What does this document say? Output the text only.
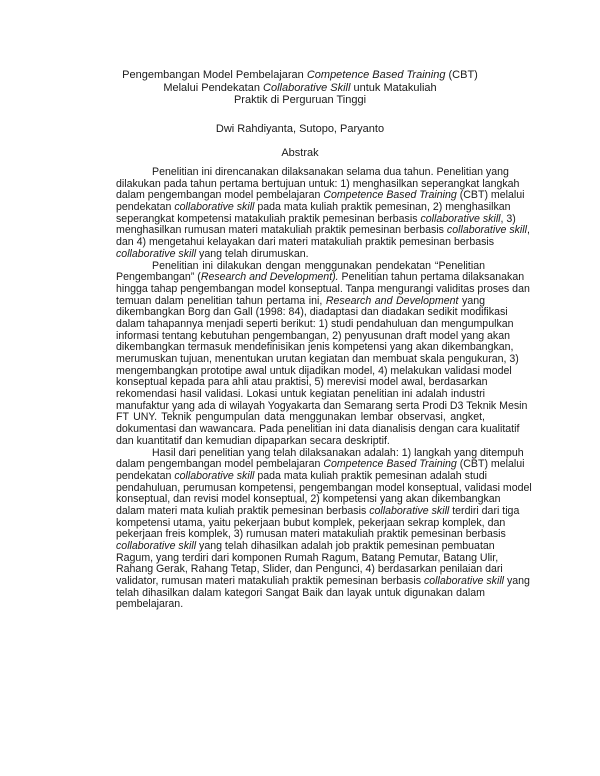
Pengembangan Model Pembelajaran Competence Based Training (CBT)
Melalui Pendekatan Collaborative Skill untuk Matakuliah
Praktik di Perguruan Tinggi
Dwi Rahdiyanta, Sutopo, Paryanto
Abstrak
Penelitian ini direncanakan dilaksanakan selama dua tahun. Penelitian yang
dilakukan pada tahun pertama bertujuan untuk: 1) menghasilkan seperangkat langkah
dalam pengembangan model pembelajaran Competence Based Training (CBT) melalui
pendekatan collaborative skill pada mata kuliah praktik pemesinan, 2) menghasilkan
seperangkat kompetensi matakuliah praktik pemesinan berbasis collaborative skill, 3)
menghasilkan rumusan materi matakuliah praktik pemesinan berbasis collaborative skill,
dan 4) mengetahui kelayakan dari materi matakuliah praktik pemesinan berbasis
collaborative skill yang telah dirumuskan.
Penelitian ini dilakukan dengan menggunakan pendekatan “Penelitian
Pengembangan” (Research and Development). Penelitian tahun pertama dilaksanakan
hingga tahap pengembangan model konseptual. Tanpa mengurangi validitas proses dan
temuan dalam penelitian tahun pertama ini, Research and Development yang
dikembangkan Borg dan Gall (1998: 84), diadaptasi dan diadakan sedikit modifikasi
dalam tahapannya menjadi seperti berikut: 1) studi pendahuluan dan mengumpulkan
informasi tentang kebutuhan pengembangan, 2) penyusunan draft model yang akan
dikembangkan termasuk mendefinisikan jenis kompetensi yang akan dikembangkan,
merumuskan tujuan, menentukan urutan kegiatan dan membuat skala pengukuran, 3)
mengembangkan prototipe awal untuk dijadikan model, 4) melakukan validasi model
konseptual kepada para ahli atau praktisi, 5) merevisi model awal, berdasarkan
rekomendasi hasil validasi. Lokasi untuk kegiatan penelitian ini adalah industri
manufaktur yang ada di wilayah Yogyakarta dan Semarang serta Prodi D3 Teknik Mesin
FT UNY. Teknik pengumpulan data menggunakan lembar observasi, angket,
dokumentasi dan wawancara. Pada penelitian ini data dianalisis dengan cara kualitatif
dan kuantitatif dan kemudian dipaparkan secara deskriptif.
Hasil dari penelitian yang telah dilaksanakan adalah: 1) langkah yang ditempuh
dalam pengembangan model pembelajaran Competence Based Training (CBT) melalui
pendekatan collaborative skill pada mata kuliah praktik pemesinan adalah studi
pendahuluan, perumusan kompetensi, pengembangan model konseptual, validasi model
konseptual, dan revisi model konseptual, 2) kompetensi yang akan dikembangkan
dalam materi mata kuliah praktik pemesinan berbasis collaborative skill terdiri dari tiga
kompetensi utama, yaitu pekerjaan bubut komplek, pekerjaan sekrap komplek, dan
pekerjaan freis komplek, 3) rumusan materi matakuliah praktik pemesinan berbasis
collaborative skill yang telah dihasilkan adalah job praktik pemesinan pembuatan
Ragum, yang terdiri dari komponen Rumah Ragum, Batang Pemutar, Batang Ulir,
Rahang Gerak, Rahang Tetap, Slider, dan Pengunci, 4) berdasarkan penilaian dari
validator, rumusan materi matakuliah praktik pemesinan berbasis collaborative skill yang
telah dihasilkan dalam kategori Sangat Baik dan layak untuk digunakan dalam
pembelajaran.
